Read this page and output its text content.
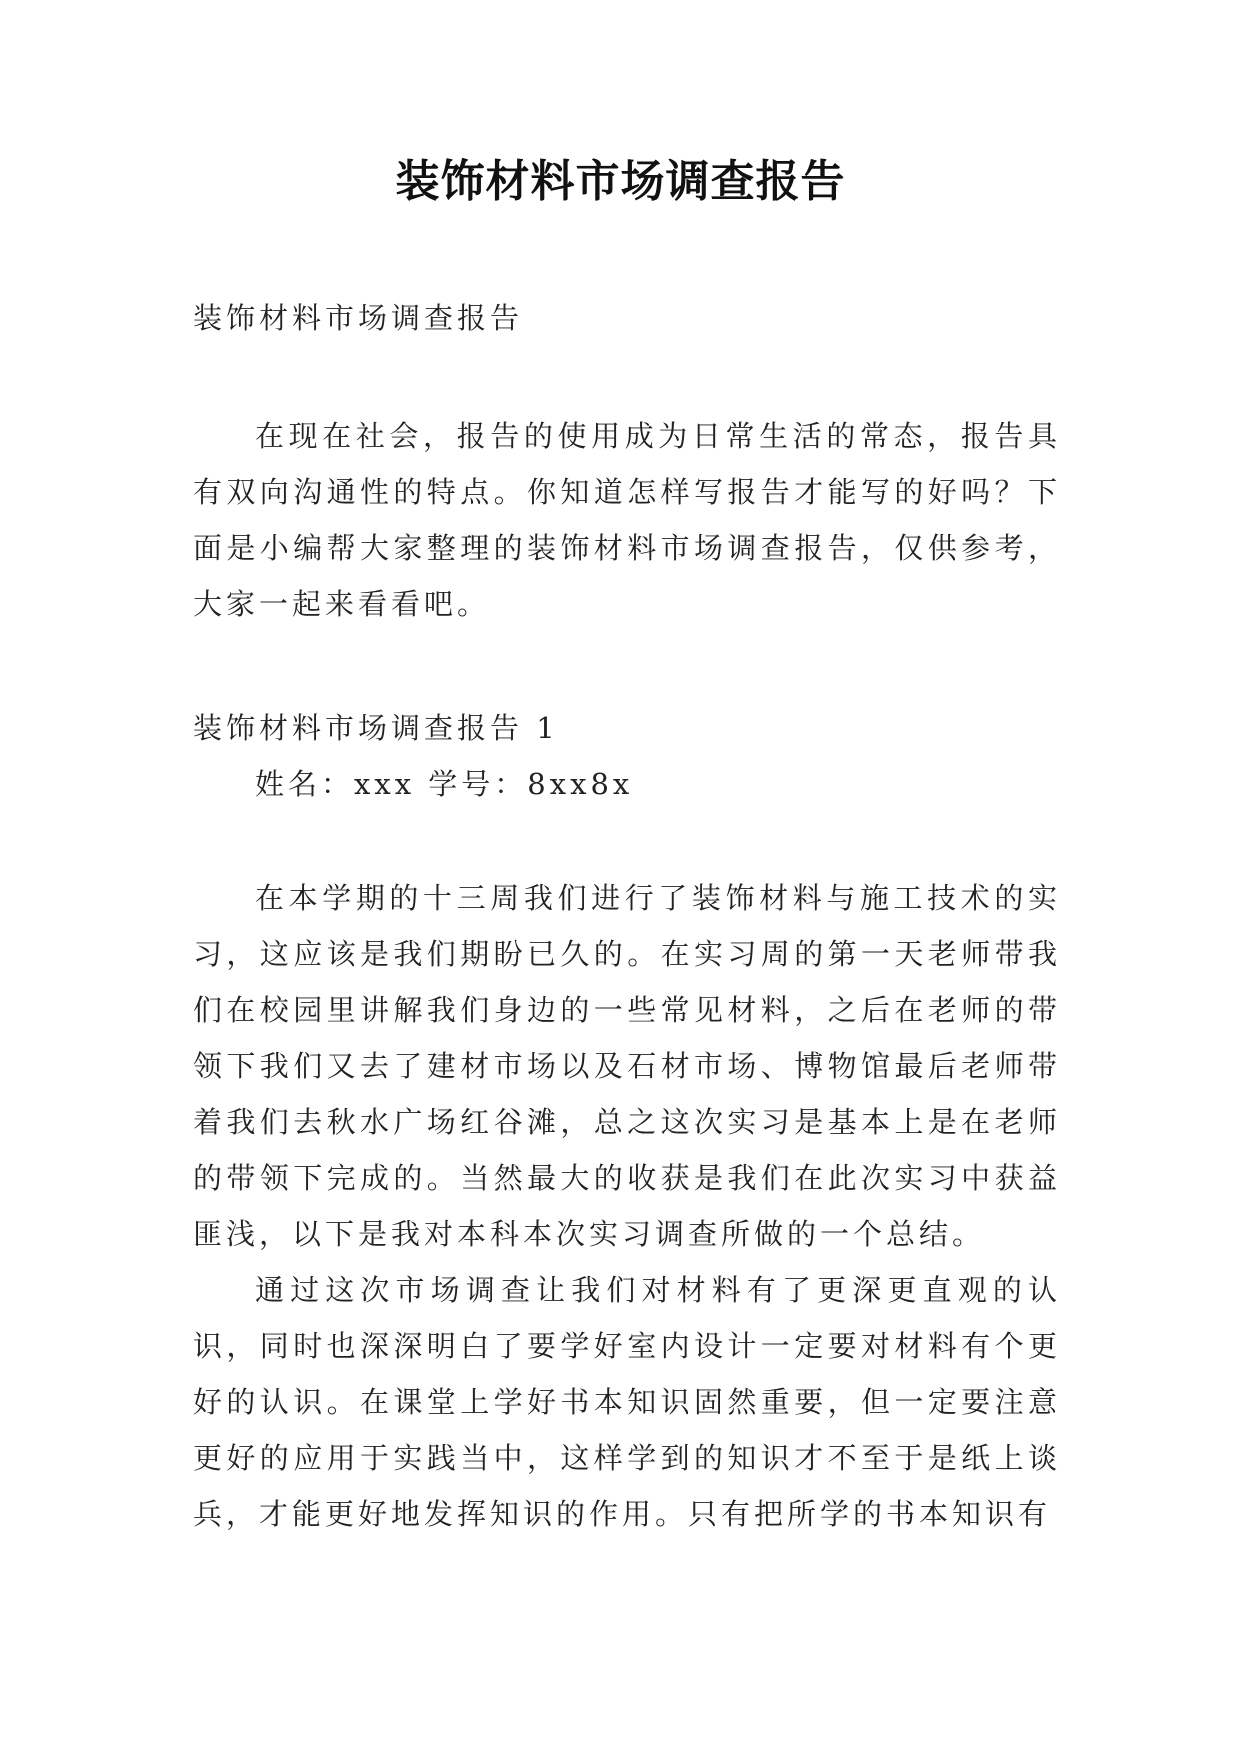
装饰材料市场调查报告
装饰材料市场调查报告
在现在社会，报告的使用成为日常生活的常态，报告具有双向沟通性的特点。你知道怎样写报告才能写的好吗？下面是小编帮大家整理的装饰材料市场调查报告，仅供参考，大家一起来看看吧。
装饰材料市场调查报告 1
姓名：xxx 学号：8xx8x
在本学期的十三周我们进行了装饰材料与施工技术的实习，这应该是我们期盼已久的。在实习周的第一天老师带我们在校园里讲解我们身边的一些常见材料，之后在老师的带领下我们又去了建材市场以及石材市场、博物馆最后老师带着我们去秋水广场红谷滩，总之这次实习是基本上是在老师的带领下完成的。当然最大的收获是我们在此次实习中获益匪浅，以下是我对本科本次实习调查所做的一个总结。
通过这次市场调查让我们对材料有了更深更直观的认识，同时也深深明白了要学好室内设计一定要对材料有个更好的认识。在课堂上学好书本知识固然重要，但一定要注意更好的应用于实践当中，这样学到的知识才不至于是纸上谈兵，才能更好地发挥知识的作用。只有把所学的书本知识有
